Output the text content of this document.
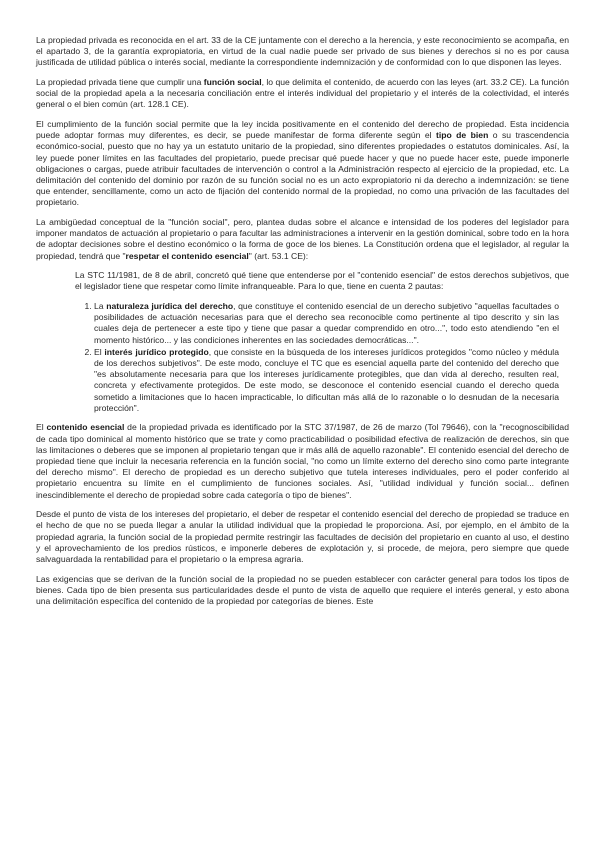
La propiedad privada es reconocida en el art. 33 de la CE juntamente con el derecho a la herencia, y este reconocimiento se acompaña, en el apartado 3, de la garantía expropiatoria, en virtud de la cual nadie puede ser privado de sus bienes y derechos si no es por causa justificada de utilidad pública o interés social, mediante la correspondiente indemnización y de conformidad con lo que disponen las leyes.

La propiedad privada tiene que cumplir una función social, lo que delimita el contenido, de acuerdo con las leyes (art. 33.2 CE). La función social de la propiedad apela a la necesaria conciliación entre el interés individual del propietario y el interés de la colectividad, el interés general o el bien común (art. 128.1 CE).

El cumplimiento de la función social permite que la ley incida positivamente en el contenido del derecho de propiedad. Esta incidencia puede adoptar formas muy diferentes, es decir, se puede manifestar de forma diferente según el tipo de bien o su trascendencia económico-social, puesto que no hay ya un estatuto unitario de la propiedad, sino diferentes propiedades o estatutos dominicales. Así, la ley puede poner límites en las facultades del propietario, puede precisar qué puede hacer y que no puede hacer este, puede imponerle obligaciones o cargas, puede atribuir facultades de intervención o control a la Administración respecto al ejercicio de la propiedad, etc. La delimitación del contenido del dominio por razón de su función social no es un acto expropiatorio ni da derecho a indemnización: se tiene que entender, sencillamente, como un acto de fijación del contenido normal de la propiedad, no como una privación de las facultades del propietario.

La ambigüedad conceptual de la "función social", pero, plantea dudas sobre el alcance e intensidad de los poderes del legislador para imponer mandatos de actuación al propietario o para facultar las administraciones a intervenir en la gestión dominical, sobre todo en la hora de adoptar decisiones sobre el destino económico o la forma de goce de los bienes. La Constitución ordena que el legislador, al regular la propiedad, tendrá que "respetar el contenido esencial" (art. 53.1 CE):

La STC 11/1981, de 8 de abril, concretó qué tiene que entenderse por el "contenido esencial" de estos derechos subjetivos, que el legislador tiene que respetar como límite infranqueable. Para lo que, tiene en cuenta 2 pautas:

1. La naturaleza jurídica del derecho, que constituye el contenido esencial de un derecho subjetivo "aquellas facultades o posibilidades de actuación necesarias para que el derecho sea reconocible como pertinente al tipo descrito y sin las cuales deja de pertenecer a este tipo y tiene que pasar a quedar comprendido en otro...", todo esto atendiendo "en el momento histórico... y las condiciones inherentes en las sociedades democráticas...".
2. El interés jurídico protegido, que consiste en la búsqueda de los intereses jurídicos protegidos "como núcleo y médula de los derechos subjetivos". De este modo, concluye el TC que es esencial aquella parte del contenido del derecho que "es absolutamente necesaria para que los intereses jurídicamente protegibles, que dan vida al derecho, resulten real, concreta y efectivamente protegidos. De este modo, se desconoce el contenido esencial cuando el derecho queda sometido a limitaciones que lo hacen impracticable, lo dificultan más allá de lo razonable o lo desnudan de la necesaria protección".

El contenido esencial de la propiedad privada es identificado por la STC 37/1987, de 26 de marzo (Tol 79646), con la "recognoscibilidad de cada tipo dominical al momento histórico que se trate y como practicabilidad o posibilidad efectiva de realización de derechos, sin que las limitaciones o deberes que se imponen al propietario tengan que ir más allá de aquello razonable". El contenido esencial del derecho de propiedad tiene que incluir la necesaria referencia en la función social, "no como un límite externo del derecho sino como parte integrante del derecho mismo". El derecho de propiedad es un derecho subjetivo que tutela intereses individuales, pero el poder conferido al propietario encuentra su límite en el cumplimiento de funciones sociales. Así, "utilidad individual y función social... definen inescindiblemente el derecho de propiedad sobre cada categoría o tipo de bienes".

Desde el punto de vista de los intereses del propietario, el deber de respetar el contenido esencial del derecho de propiedad se traduce en el hecho de que no se pueda llegar a anular la utilidad individual que la propiedad le proporciona. Así, por ejemplo, en el ámbito de la propiedad agraria, la función social de la propiedad permite restringir las facultades de decisión del propietario en cuanto al uso, el destino y el aprovechamiento de los predios rústicos, e imponerle deberes de explotación y, si procede, de mejora, pero siempre que quede salvaguardada la rentabilidad para el propietario o la empresa agraria.

Las exigencias que se derivan de la función social de la propiedad no se pueden establecer con carácter general para todos los tipos de bienes. Cada tipo de bien presenta sus particularidades desde el punto de vista de aquello que requiere el interés general, y esto abona una delimitación específica del contenido de la propiedad por categorías de bienes. Este
